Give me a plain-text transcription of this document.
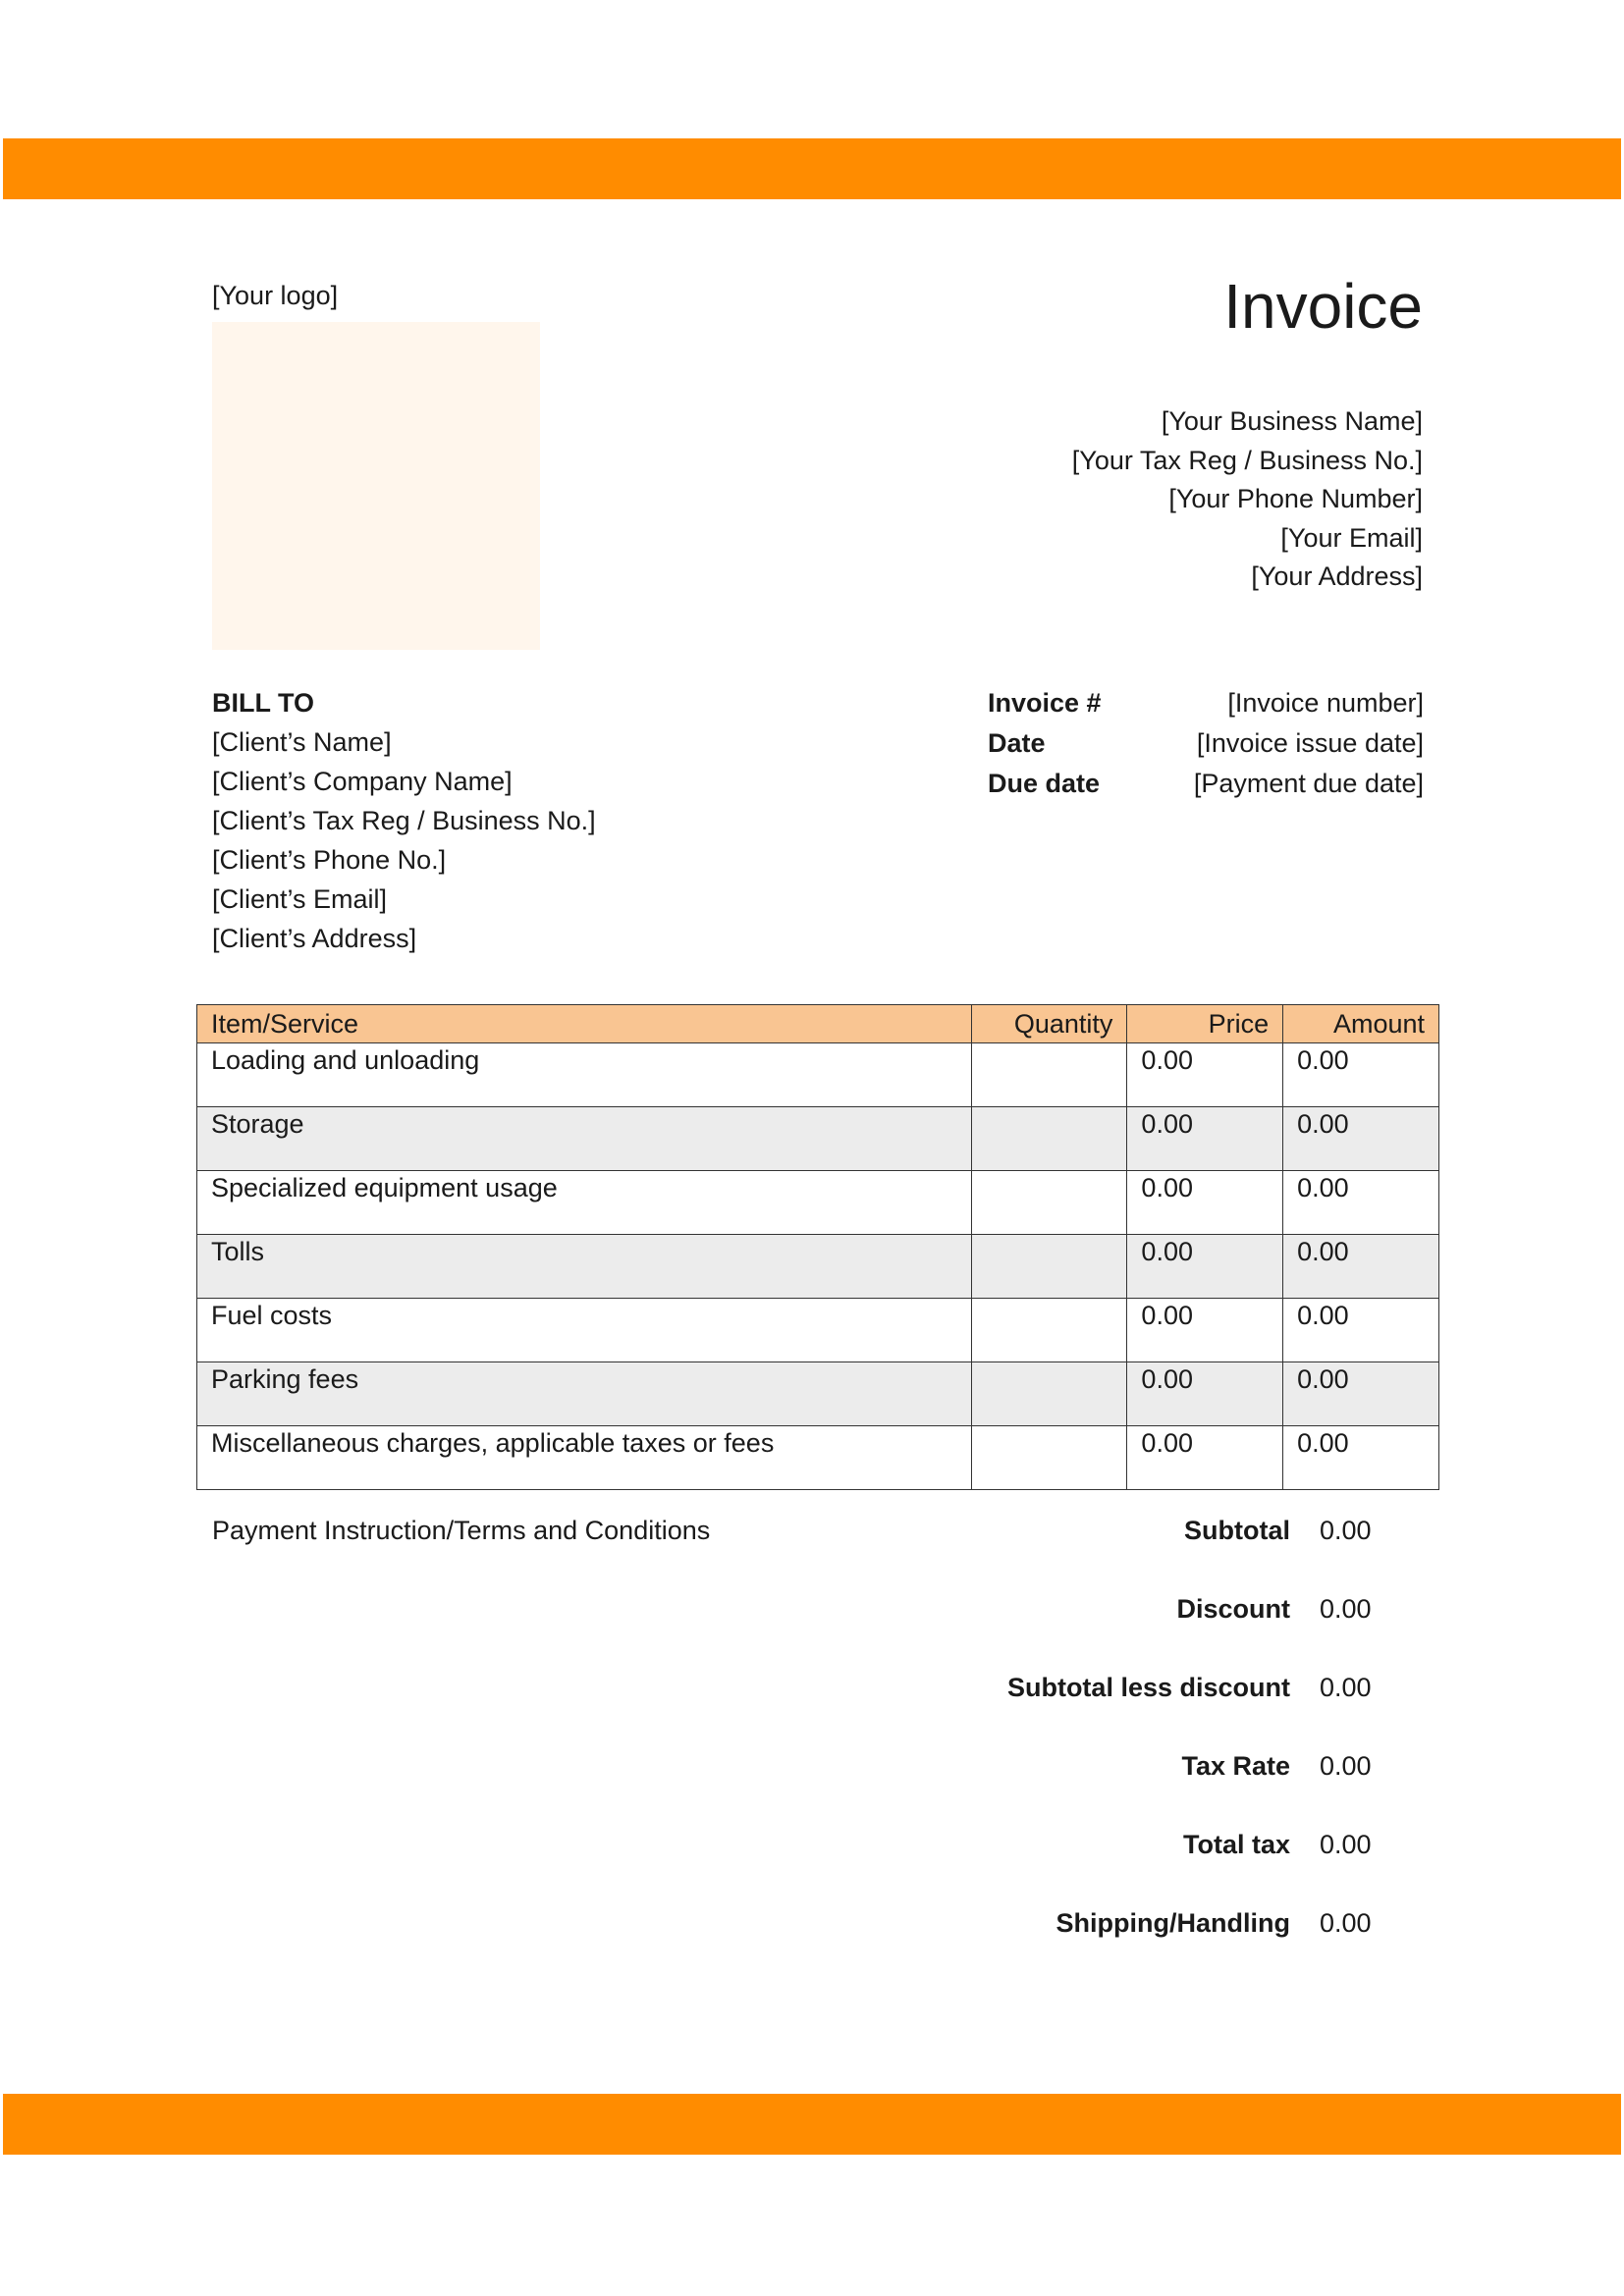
[Your logo]	Invoice
[Your Business Name]
[Your Tax Reg / Business No.]
[Your Phone Number]
[Your Email]
[Your Address]
BILL TO
[Client’s Name]
[Client’s Company Name]
[Client’s Tax Reg / Business No.]
[Client’s Phone No.]
[Client’s Email]
[Client’s Address]
Invoice #	[Invoice number]
Date	[Invoice issue date]
Due date	[Payment due date]
Item/Service	Quantity	Price	Amount
Loading and unloading		0.00	0.00
Storage		0.00	0.00
Specialized equipment usage		0.00	0.00
Tolls		0.00	0.00
Fuel costs		0.00	0.00
Parking fees		0.00	0.00
Miscellaneous charges, applicable taxes or fees		0.00	0.00
Payment Instruction/Terms and Conditions	Subtotal	0.00
Discount	0.00
Subtotal less discount	0.00
Tax Rate	0.00
Total tax	0.00
Shipping/Handling	0.00
